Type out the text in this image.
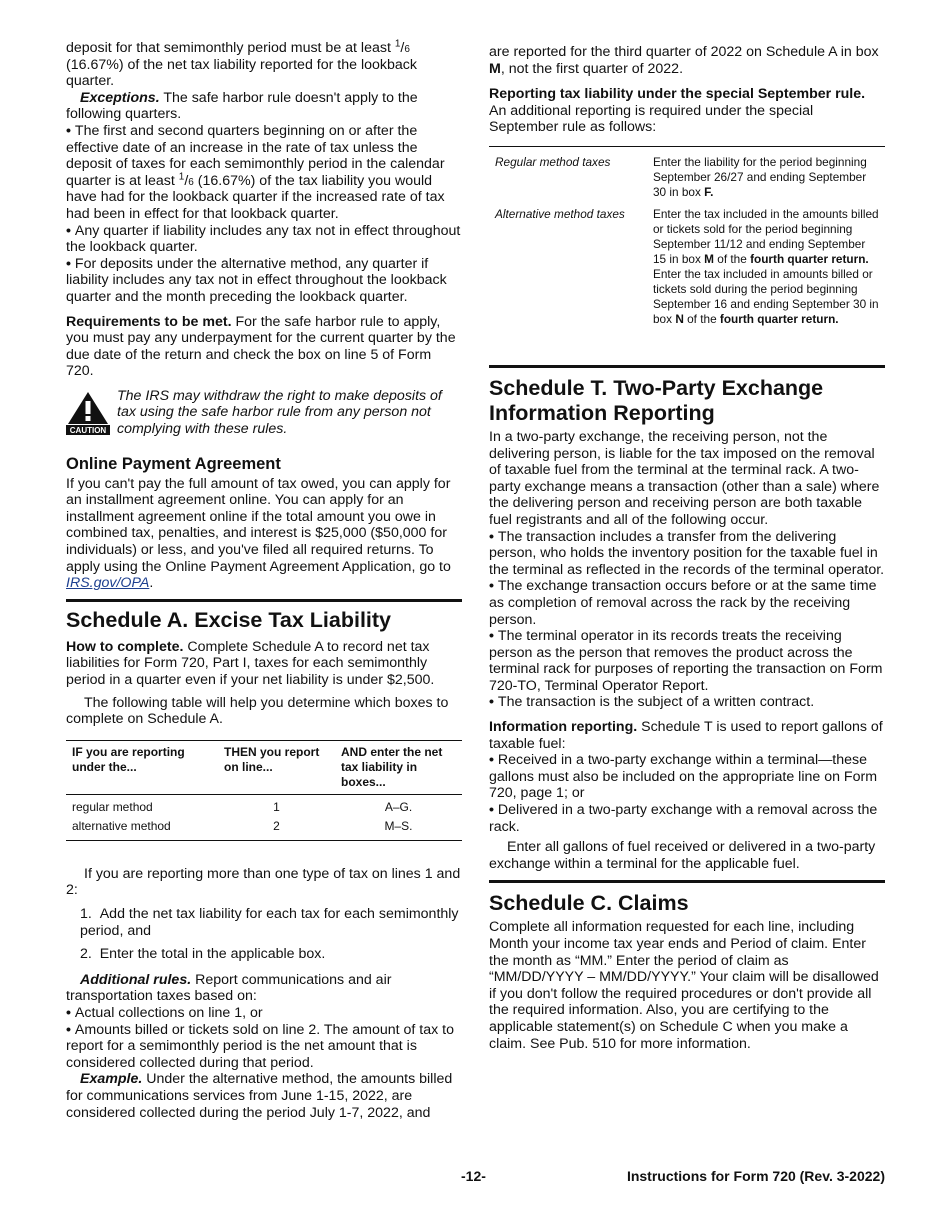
deposit for that semimonthly period must be at least $^1$/6 (16.67%) of the net tax liability reported for the lookback quarter.

Exceptions. The safe harbor rule doesn't apply to the following quarters.

• The first and second quarters beginning on or after the effective date of an increase in the rate of tax unless the deposit of taxes for each semimonthly period in the calendar quarter is at least $^1$/6 (16.67%) of the tax liability you would have had for the lookback quarter if the increased rate of tax had been in effect for that lookback quarter.

• Any quarter if liability includes any tax not in effect throughout the lookback quarter.

• For deposits under the alternative method, any quarter if liability includes any tax not in effect throughout the lookback quarter and the month preceding the lookback quarter.

Requirements to be met. For the safe harbor rule to apply, you must pay any underpayment for the current quarter by the due date of the return and check the box on line 5 of Form 720.

CAUTION

The IRS may withdraw the right to make deposits of tax using the safe harbor rule from any person not complying with these rules.

Online Payment Agreement

If you can't pay the full amount of tax owed, you can apply for an installment agreement online. You can apply for an installment agreement online if the total amount you owe in combined tax, penalties, and interest is $25,000 ($50,000 for individuals) or less, and you've filed all required returns. To apply using the Online Payment Agreement Application, go to IRS.gov/OPA.

Schedule A. Excise Tax Liability

How to complete. Complete Schedule A to record net tax liabilities for Form 720, Part I, taxes for each semimonthly period in a quarter even if your net liability is under $2,500.

The following table will help you determine which boxes to complete on Schedule A.

IF you are reporting under the...	THEN you report on line...	AND enter the net tax liability in boxes...
regular method	1	A–G.
alternative method	2	M–S.

If you are reporting more than one type of tax on lines 1 and 2:

1.  Add the net tax liability for each tax for each semimonthly period, and

2.  Enter the total in the applicable box.

Additional rules. Report communications and air transportation taxes based on:

• Actual collections on line 1, or

• Amounts billed or tickets sold on line 2. The amount of tax to report for a semimonthly period is the net amount that is considered collected during that period.

Example. Under the alternative method, the amounts billed for communications services from June 1-15, 2022, are considered collected during the period July 1-7, 2022, and

are reported for the third quarter of 2022 on Schedule A in box M, not the first quarter of 2022.

Reporting tax liability under the special September rule.

An additional reporting is required under the special September rule as follows:

Regular method taxes	Enter the liability for the period beginning September 26/27 and ending September 30 in box F.
Alternative method taxes	Enter the tax included in the amounts billed or tickets sold for the period beginning September 11/12 and ending September 15 in box M of the fourth quarter return. Enter the tax included in amounts billed or tickets sold during the period beginning September 16 and ending September 30 in box N of the fourth quarter return.
Schedule T. Two-Party Exchange Information Reporting

In a two-party exchange, the receiving person, not the delivering person, is liable for the tax imposed on the removal of taxable fuel from the terminal at the terminal rack. A two-party exchange means a transaction (other than a sale) where the delivering person and receiving person are both taxable fuel registrants and all of the following occur.

• The transaction includes a transfer from the delivering person, who holds the inventory position for the taxable fuel in the terminal as reflected in the records of the terminal operator.

• The exchange transaction occurs before or at the same time as completion of removal across the rack by the receiving person.

• The terminal operator in its records treats the receiving person as the person that removes the product across the terminal rack for purposes of reporting the transaction on Form 720-TO, Terminal Operator Report.

• The transaction is the subject of a written contract.

Information reporting. Schedule T is used to report gallons of taxable fuel:

• Received in a two-party exchange within a terminal—these gallons must also be included on the appropriate line on Form 720, page 1; or

• Delivered in a two-party exchange with a removal across the rack.

Enter all gallons of fuel received or delivered in a two-party exchange within a terminal for the applicable fuel.

Schedule C. Claims

Complete all information requested for each line, including Month your income tax year ends and Period of claim. Enter the month as “MM.” Enter the period of claim as “MM/DD/YYYY – MM/DD/YYYY.” Your claim will be disallowed if you don't follow the required procedures or don't provide all the required information. Also, you are certifying to the applicable statement(s) on Schedule C when you make a claim. See Pub. 510 for more information.

-12-	Instructions for Form 720 (Rev. 3-2022)
